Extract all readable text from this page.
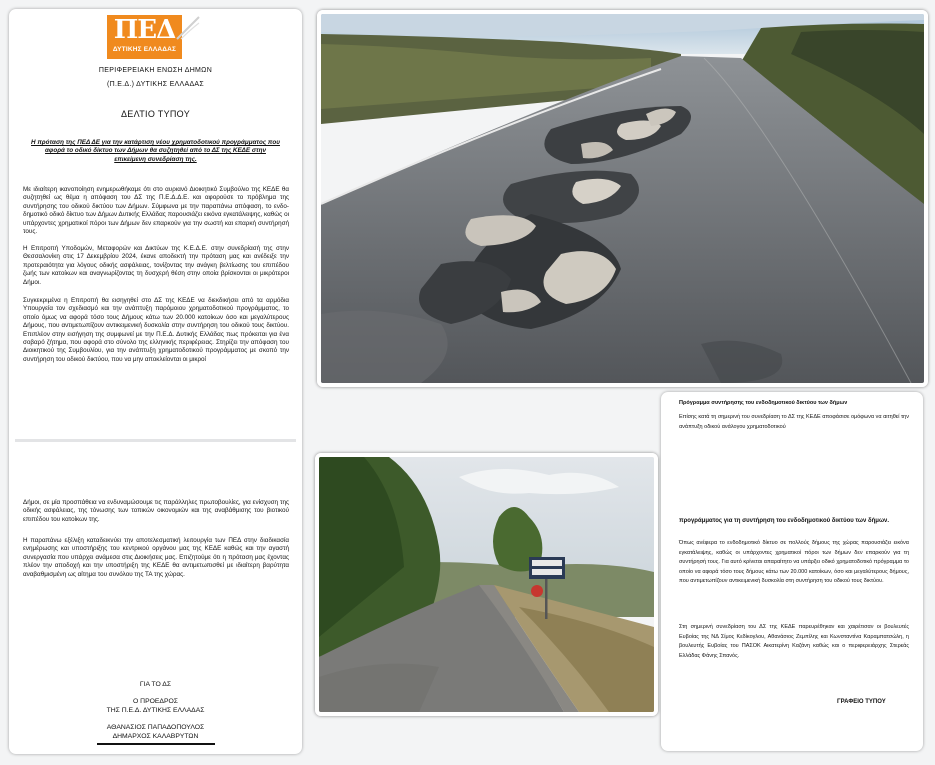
ΠΕΔ
ΔΥΤΙΚΗΣ ΕΛΛΑΔΑΣ
ΠΕΡΙΦΕΡΕΙΑΚΗ ΕΝΩΣΗ ΔΗΜΩΝ
(Π.Ε.Δ.) ΔΥΤΙΚΗΣ ΕΛΛΑΔΑΣ
ΔΕΛΤΙΟ ΤΥΠΟΥ
Η πρόταση της ΠΕΔ ΔΕ για την κατάρτιση νέου χρηματοδοτικού προγράμματος που αφορά το οδικό δίκτυο των Δήμων θα συζητηθεί από το ΔΣ της ΚΕΔΕ στην επικείμενη συνεδρίαση της.
Με ιδιαίτερη ικανοποίηση ενημερωθήκαμε ότι στο αυριανό Διοικητικό Συμβούλιο της ΚΕΔΕ θα συζητηθεί ως θέμα η απόφαση του ΔΣ της Π.Ε.Δ.Δ.Ε. και αφορούσε το πρόβλημα της συντήρησης του οδικού δικτύου των Δήμων. Σύμφωνα με την παραπάνω απόφαση, το ενδο-δημοτικό οδικό δίκτυο των Δήμων Δυτικής Ελλάδας παρουσιάζει εικόνα εγκατάλειψης, καθώς οι υπάρχοντες χρηματικοί πόροι των Δήμων δεν επαρκούν για την σωστή και επαρκή συντήρησή τους.
Η Επιτροπή Υποδομών, Μεταφορών και Δικτύων της Κ.Ε.Δ.Ε. στην συνεδρίασή της στην Θεσσαλονίκη στις 17 Δεκεμβρίου 2024, έκανε αποδεκτή την πρόταση μας και ανέδειξε την προτεραιότητα για λόγους οδικής ασφάλειας, τονίζοντας την ανάγκη βελτίωσης του επιπέδου ζωής των κατοίκων και αναγνωρίζοντας τη δυσχερή θέση στην οποία βρίσκονται οι μικρότεροι Δήμοι.
Συγκεκριμένα η Επιτροπή θα εισηγηθεί στο ΔΣ της ΚΕΔΕ να διεκδικήσει από τα αρμόδια Υπουργεία τον σχεδιασμό και την ανάπτυξη παρόμοιου χρηματοδοτικού προγράμματος, το οποίο όμως να αφορά τόσο τους Δήμους κάτω των 20.000 κατοίκων όσο και μεγαλύτερους Δήμους, που αντιμετωπίζουν αντικειμενική δυσκολία στην συντήρηση του οδικού τους δικτύου. Επιπλέον στην εισήγηση της συμφωνεί με την Π.Ε.Δ. Δυτικής Ελλάδας πως πρόκειται για ένα σοβαρό ζήτημα, που αφορά στο σύνολο της ελληνικής περιφέρειας. Στηρίζει την απόφαση του Διοικητικού της Συμβουλίου, για την ανάπτυξη χρηματοδοτικού προγράμματος με σκοπό την συντήρηση του οδικού δικτύου, που να μην αποκλείονται οι μικροί
Δήμοι, σε μία προσπάθεια να ενδυναμώσουμε τις παράλληλες πρωτοβουλίες, για ενίσχυση της οδικής ασφάλειας, της τόνωσης των τοπικών οικονομιών και της αναβάθμισης του βιοτικού επιπέδου του κατοίκων της.
Η παραπάνω εξέλιξη καταδεικνύει την αποτελεσματική λειτουργία των ΠΕΔ στην διαδικασία ενημέρωσης και υποστήριξης του κεντρικού οργάνου μας της ΚΕΔΕ καθώς και την αγαστή συνεργασία που υπάρχει ανάμεσα στις Διοικήσεις μας. Επιζητούμε ότι η πρόταση μας έχοντας πλέον την αποδοχή και την υποστήριξη της ΚΕΔΕ θα αντιμετωπισθεί με ιδιαίτερη βαρύτητα αναβαθμισμένη ως αίτημα του συνόλου της ΤΑ της χώρας.
ΓΙΑ ΤΟ ΔΣ
Ο ΠΡΟΕΔΡΟΣ
ΤΗΣ Π.Ε.Δ. ΔΥΤΙΚΗΣ ΕΛΛΑΔΑΣ
ΑΘΑΝΑΣΙΟΣ ΠΑΠΑΔΟΠΟΥΛΟΣ
ΔΗΜΑΡΧΟΣ ΚΑΛΑΒΡΥΤΩΝ
Πρόγραμμα συντήρησης του ενδοδημοτικού δικτύου των δήμων
Επίσης κατά τη σημερινή του συνεδρίαση το ΔΣ της ΚΕΔΕ αποφάσισε ομόφωνα να αιτηθεί την ανάπτυξη οδικού ανάλογου χρηματοδοτικού
προγράμματος για τη συντήρηση του ενδοδημοτικού δικτύου των δήμων.
Όπως ανέφερα το ενδοδημοτικό δίκτυο σε πολλούς δήμους της χώρας παρουσιάζει εικόνα εγκατάλειψης, καθώς οι υπάρχοντες χρηματικοί πόροι των δήμων δεν επαρκούν για τη συντήρησή τους. Για αυτό κρίνεται απαραίτητο να υπάρξει οδικό χρηματοδοτικό πρόγραμμα το οποίο να αφορά τόσο τους δήμους κάτω των 20.000 κατοίκων, όσο και μεγαλύτερους δήμους, που αντιμετωπίζουν αντικειμενική δυσκολία στη συντήρηση του οδικού τους δικτύου.
Στη σημερινή συνεδρίαση του ΔΣ της ΚΕΔΕ παρευρέθηκαν και χαιρέτισαν οι βουλευτές Ευβοίας της ΝΔ Σίμος Κεδίκογλου, Αθανάσιος Ζεμπίλης και Κωνσταντίνα Καραμπατσώλη, η βουλευτής Ευβοίας του ΠΑΣΟΚ Αικατερίνη Καζάνη καθώς και ο περιφερειάρχης Στερεάς Ελλάδας Φάνης Σπανός.
ΓΡΑΦΕΙΟ ΤΥΠΟΥ
